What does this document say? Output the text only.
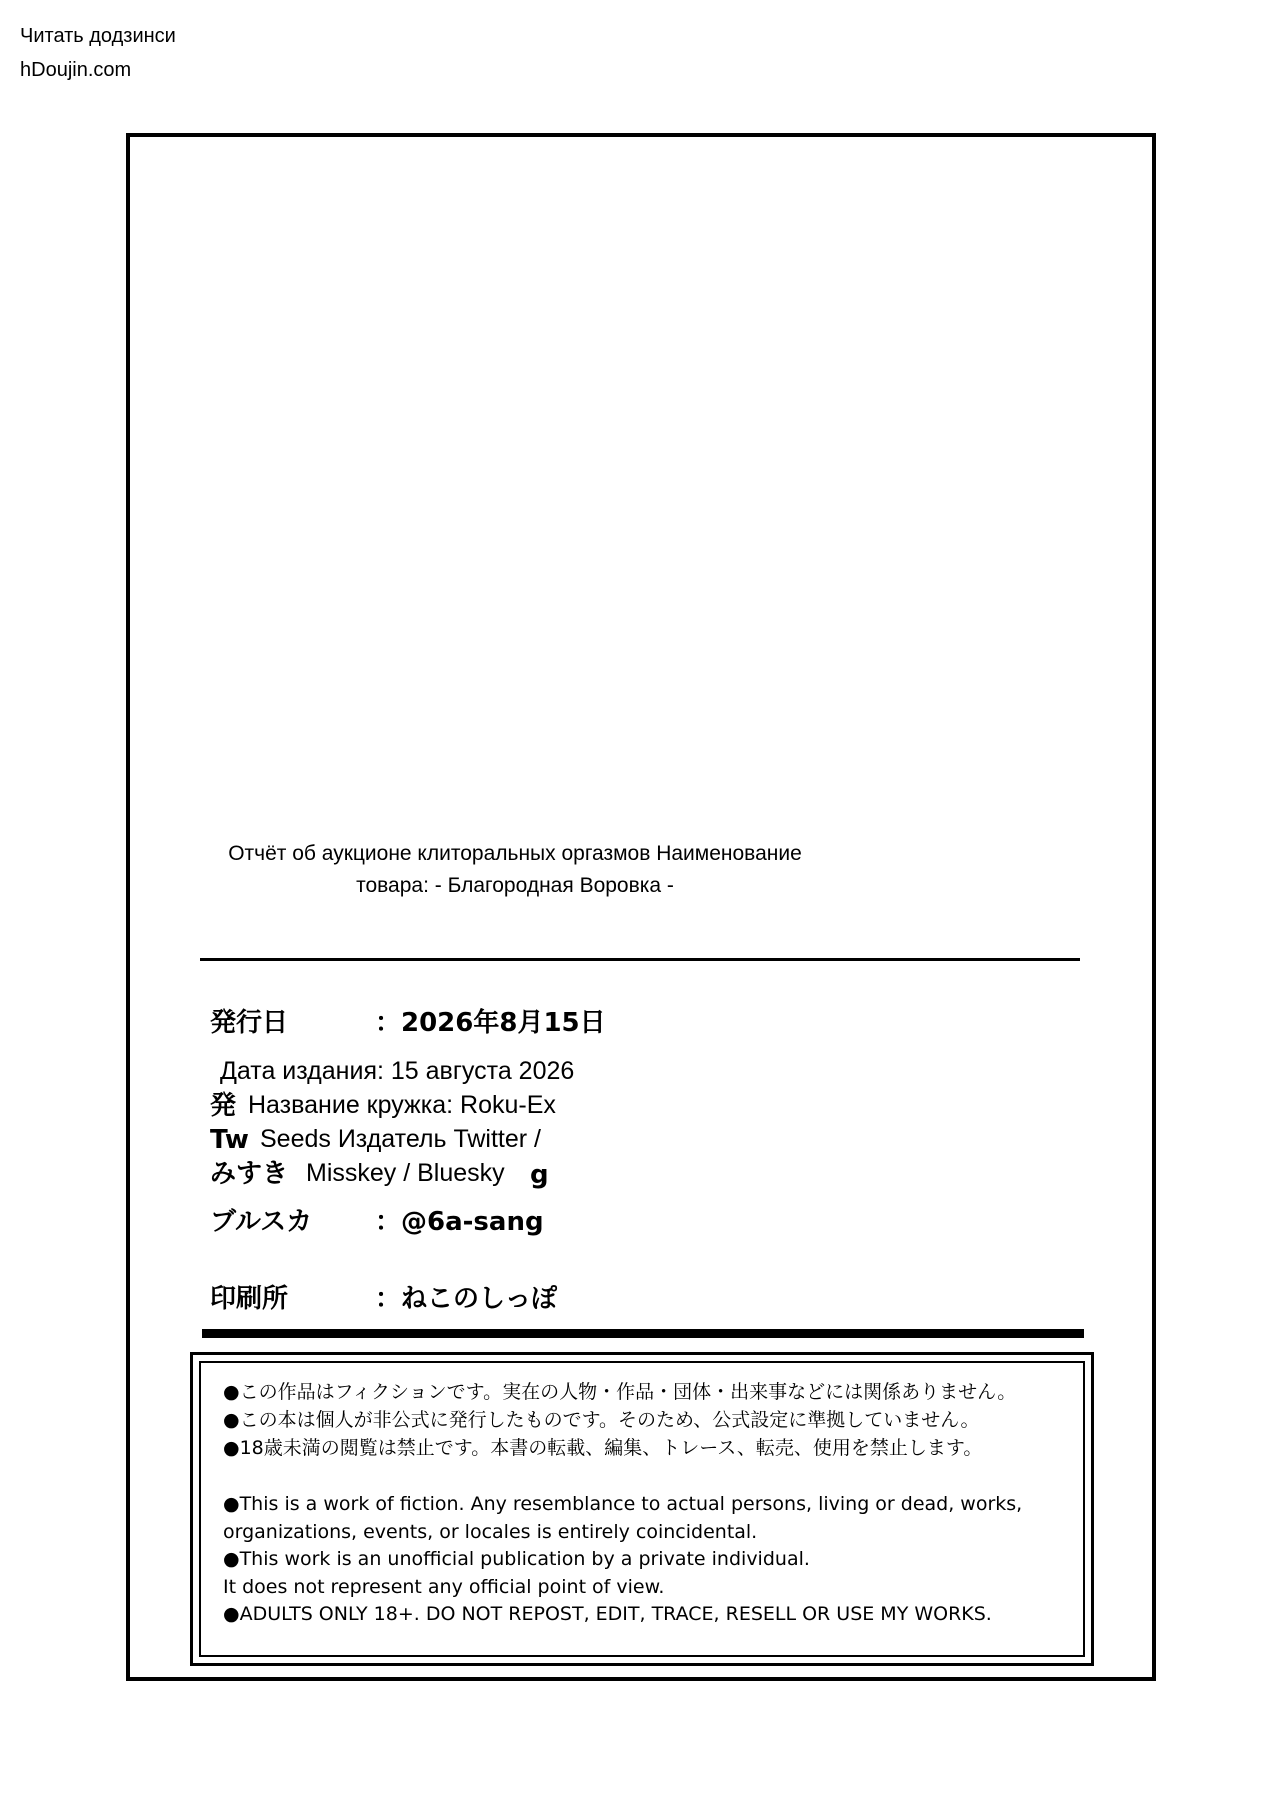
Читать додзинси
hDoujin.com
Отчёт об аукционе клиторальных оргазмов Наименование
товара: - Благородная Воровка -
発行日	：2026年8月15日
発
Tw
みすき	g
Дата издания: 15 августа 2026
Название кружка: Roku-Ex
Seeds Издатель Twitter /
Misskey / Bluesky
ブルスカ ：@6a-sang
印刷所	：ねこのしっぽ
●この作品はフィクションです。実在の人物・作品・団体・出来事などには関係ありません。
●この本は個人が非公式に発行したものです。そのため、公式設定に準拠していません。
●18歳未満の閲覧は禁止です。本書の転載、編集、トレース、転売、使用を禁止します。
●This is a work of fiction. Any resemblance to actual persons, living or dead, works,
organizations, events, or locales is entirely coincidental.
●This work is an unofficial publication by a private individual.
It does not represent any official point of view.
●ADULTS ONLY 18+. DO NOT REPOST, EDIT, TRACE, RESELL OR USE MY WORKS.
